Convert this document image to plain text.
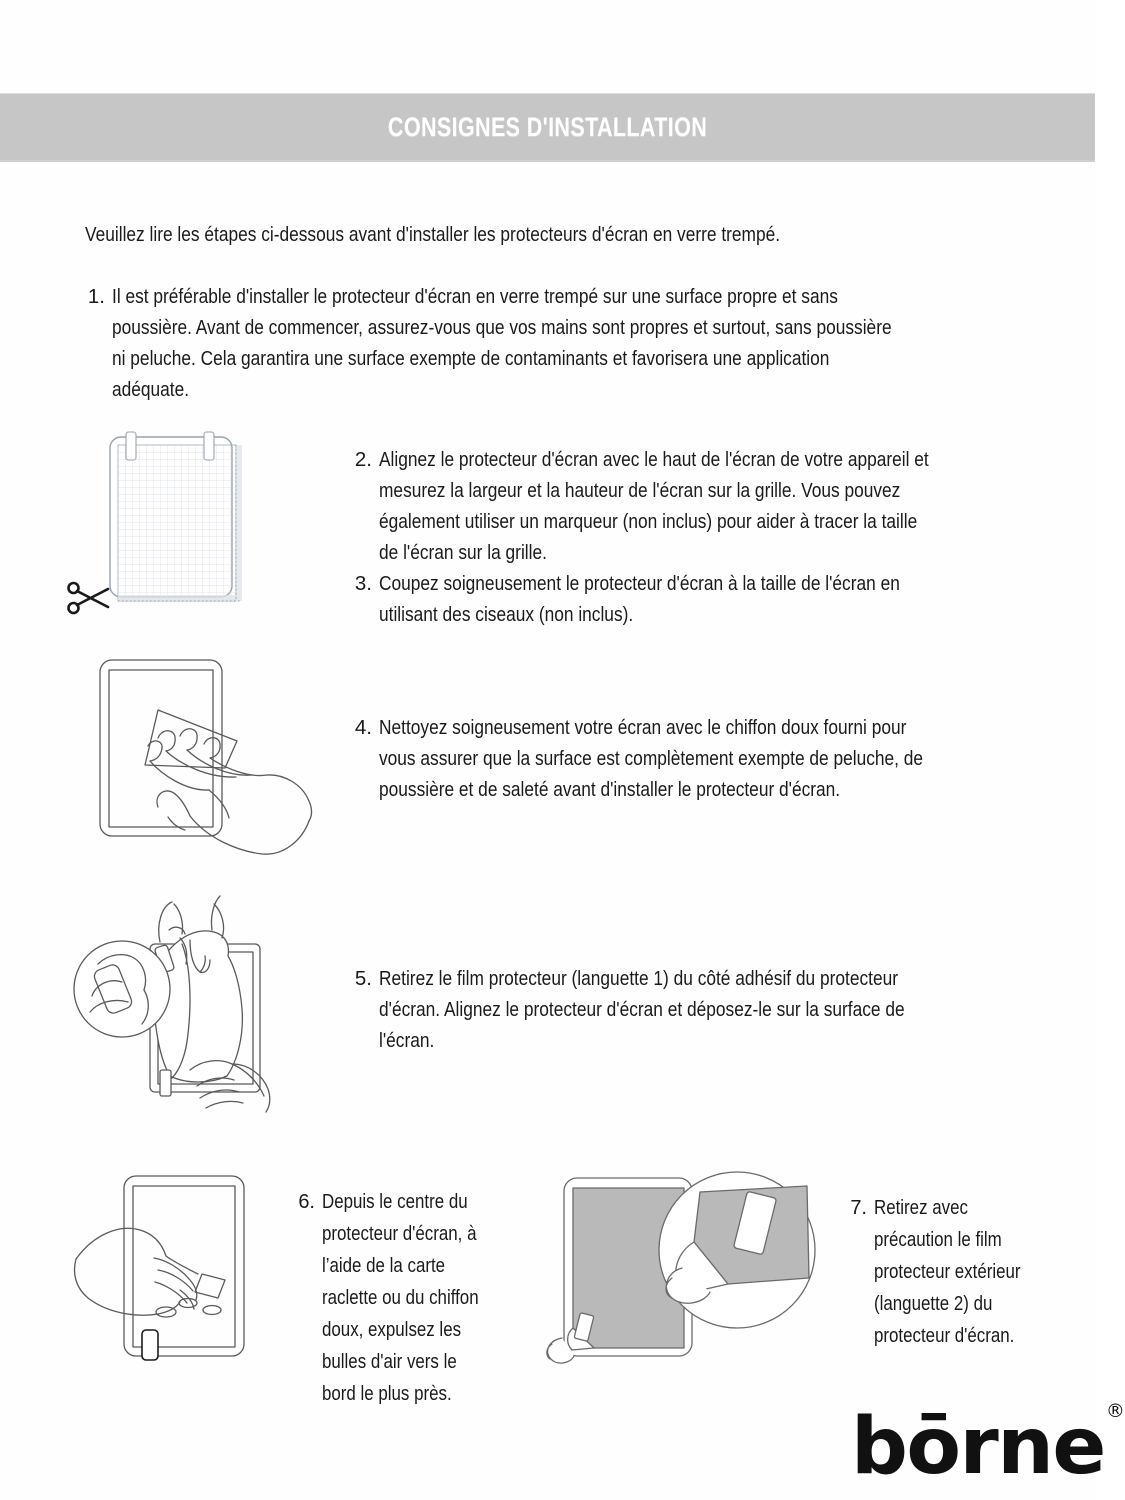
CONSIGNES D'INSTALLATION
Veuillez lire les étapes ci-dessous avant d'installer les protecteurs d'écran en verre trempé.
1. Il est préférable d'installer le protecteur d'écran en verre trempé sur une surface propre et sans poussière. Avant de commencer, assurez-vous que vos mains sont propres et surtout, sans poussière ni peluche. Cela garantira une surface exempte de contaminants et favorisera une application adéquate.
2. Alignez le protecteur d'écran avec le haut de l'écran de votre appareil et mesurez la largeur et la hauteur de l'écran sur la grille. Vous pouvez également utiliser un marqueur (non inclus) pour aider à tracer la taille de l'écran sur la grille.
3. Coupez soigneusement le protecteur d'écran à la taille de l'écran en utilisant des ciseaux (non inclus).
4. Nettoyez soigneusement votre écran avec le chiffon doux fourni pour vous assurer que la surface est complètement exempte de peluche, de poussière et de saleté avant d'installer le protecteur d'écran.
5. Retirez le film protecteur (languette 1) du côté adhésif du protecteur d'écran. Alignez le protecteur d'écran et déposez-le sur la surface de l'écran.
6. Depuis le centre du protecteur d'écran, à l’aide de la carte raclette ou du chiffon doux, expulsez les bulles d'air vers le bord le plus près.
7. Retirez avec précaution le film protecteur extérieur (languette 2) du protecteur d'écran.
bōrne ®
